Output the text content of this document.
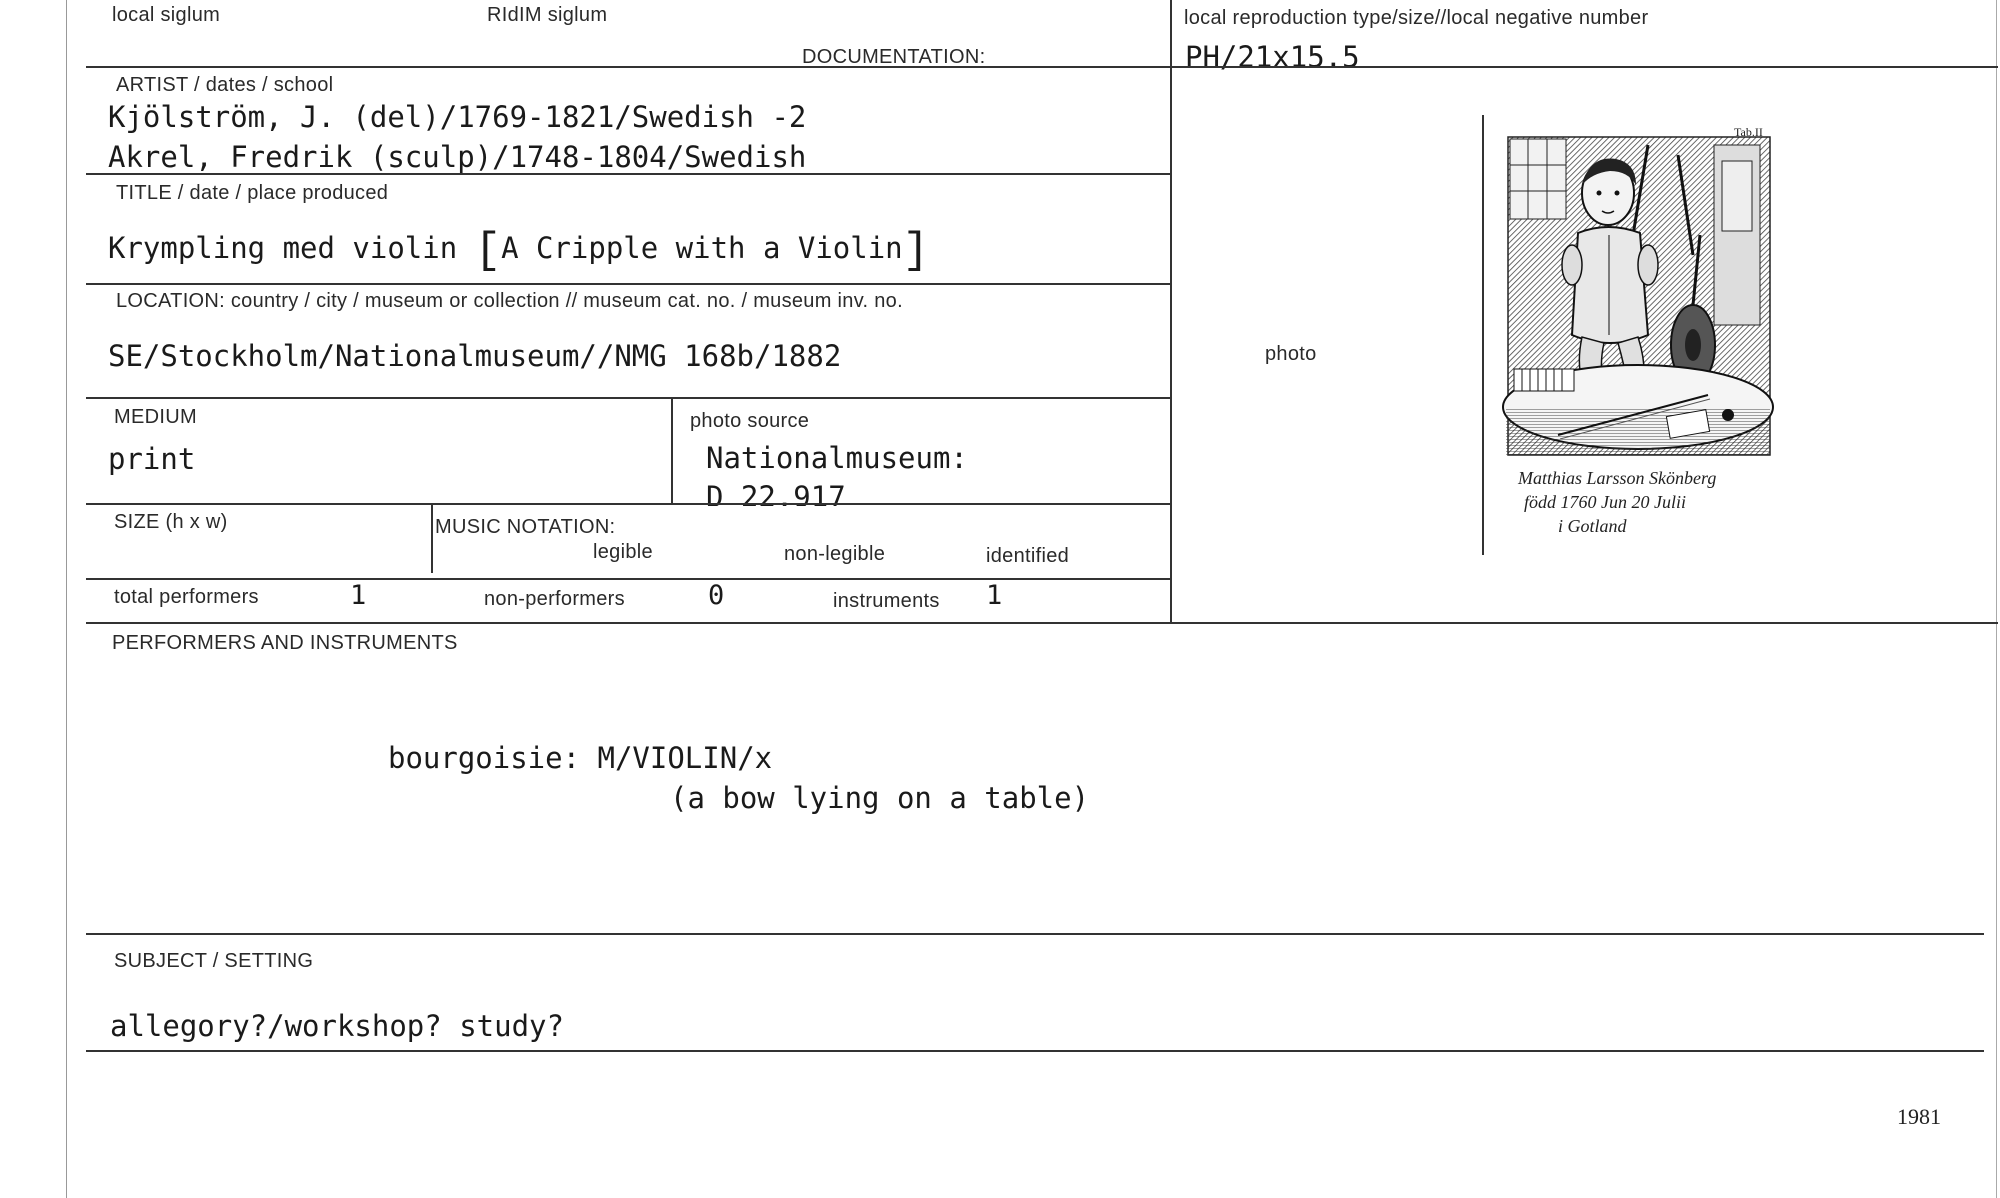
local siglum	RIdIM siglum
DOCUMENTATION:
local reproduction type/size//local negative number
PH/21x15.5
ARTIST / dates / school
Kjölström, J. (del)/1769-1821/Swedish -2
Akrel, Fredrik (sculp)/1748-1804/Swedish
TITLE / date / place produced
Krympling med violin [A Cripple with a Violin]
LOCATION: country / city / museum or collection // museum cat. no. / museum inv. no.
SE/Stockholm/Nationalmuseum//NMG 168b/1882
MEDIUM
print
photo source
Nationalmuseum:
D 22.917
SIZE (h x w)	MUSIC NOTATION:
legible	non-legible	identified
total performers	1	non-performers	0	instruments 1
photo
Tab.II
Matthias Larsson Skönberg
född 1760 Jun 20 Julii
i Gotland
PERFORMERS AND INSTRUMENTS
bourgoisie: M/VIOLIN/x
(a bow lying on a table)
SUBJECT / SETTING
allegory?/workshop? study?
1981
